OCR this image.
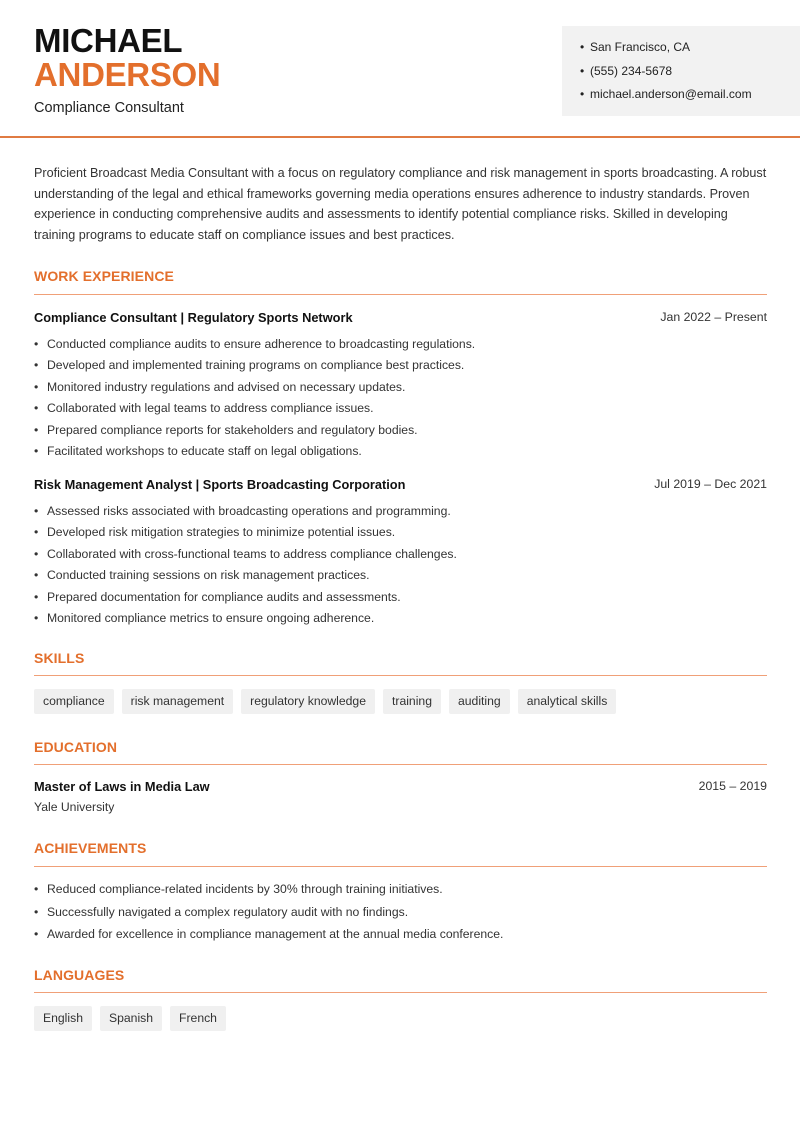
MICHAEL
ANDERSON
Compliance Consultant
• San Francisco, CA
• (555) 234-5678
• michael.anderson@email.com
Proficient Broadcast Media Consultant with a focus on regulatory compliance and risk management in sports broadcasting. A robust understanding of the legal and ethical frameworks governing media operations ensures adherence to industry standards. Proven experience in conducting comprehensive audits and assessments to identify potential compliance risks. Skilled in developing training programs to educate staff on compliance issues and best practices.
WORK EXPERIENCE
Compliance Consultant | Regulatory Sports Network	Jan 2022 – Present
• Conducted compliance audits to ensure adherence to broadcasting regulations.
• Developed and implemented training programs on compliance best practices.
• Monitored industry regulations and advised on necessary updates.
• Collaborated with legal teams to address compliance issues.
• Prepared compliance reports for stakeholders and regulatory bodies.
• Facilitated workshops to educate staff on legal obligations.
Risk Management Analyst | Sports Broadcasting Corporation	Jul 2019 – Dec 2021
• Assessed risks associated with broadcasting operations and programming.
• Developed risk mitigation strategies to minimize potential issues.
• Collaborated with cross-functional teams to address compliance challenges.
• Conducted training sessions on risk management practices.
• Prepared documentation for compliance audits and assessments.
• Monitored compliance metrics to ensure ongoing adherence.
SKILLS
compliance	risk management	regulatory knowledge	training	auditing	analytical skills
EDUCATION
Master of Laws in Media Law	2015 – 2019
Yale University
ACHIEVEMENTS
• Reduced compliance-related incidents by 30% through training initiatives.
• Successfully navigated a complex regulatory audit with no findings.
• Awarded for excellence in compliance management at the annual media conference.
LANGUAGES
English	Spanish	French
